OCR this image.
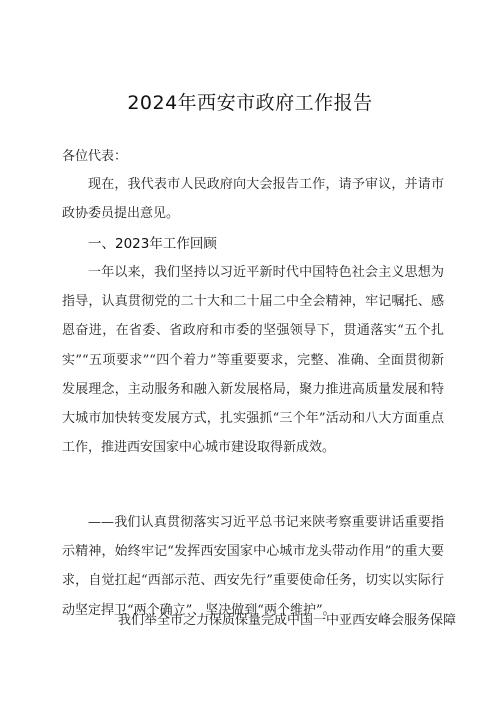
2024年西安市政府工作报告

各位代表：

现在，我代表市人民政府向大会报告工作，请予审议，并请市政协委员提出意见。

一、2023年工作回顾

一年以来，我们坚持以习近平新时代中国特色社会主义思想为指导，认真贯彻党的二十大和二十届二中全会精神，牢记嘱托、感恩奋进，在省委、省政府和市委的坚强领导下，贯通落实“五个扎实”“五项要求”“四个着力”等重要要求，完整、准确、全面贯彻新发展理念，主动服务和融入新发展格局，聚力推进高质量发展和特大城市加快转变发展方式，扎实强抓“三个年”活动和八大方面重点工作，推进西安国家中心城市建设取得新成效。

——我们认真贯彻落实习近平总书记来陕考察重要讲话重要指示精神，始终牢记“发挥西安国家中心城市龙头带动作用”的重大要求，自觉扛起“西部示范、西安先行”重要使命任务，切实以实际行动坚定捍卫“两个确立”、坚决做到“两个维护”。

我们举全市之力保质保量完成中国一中亚西安峰会服务保障
